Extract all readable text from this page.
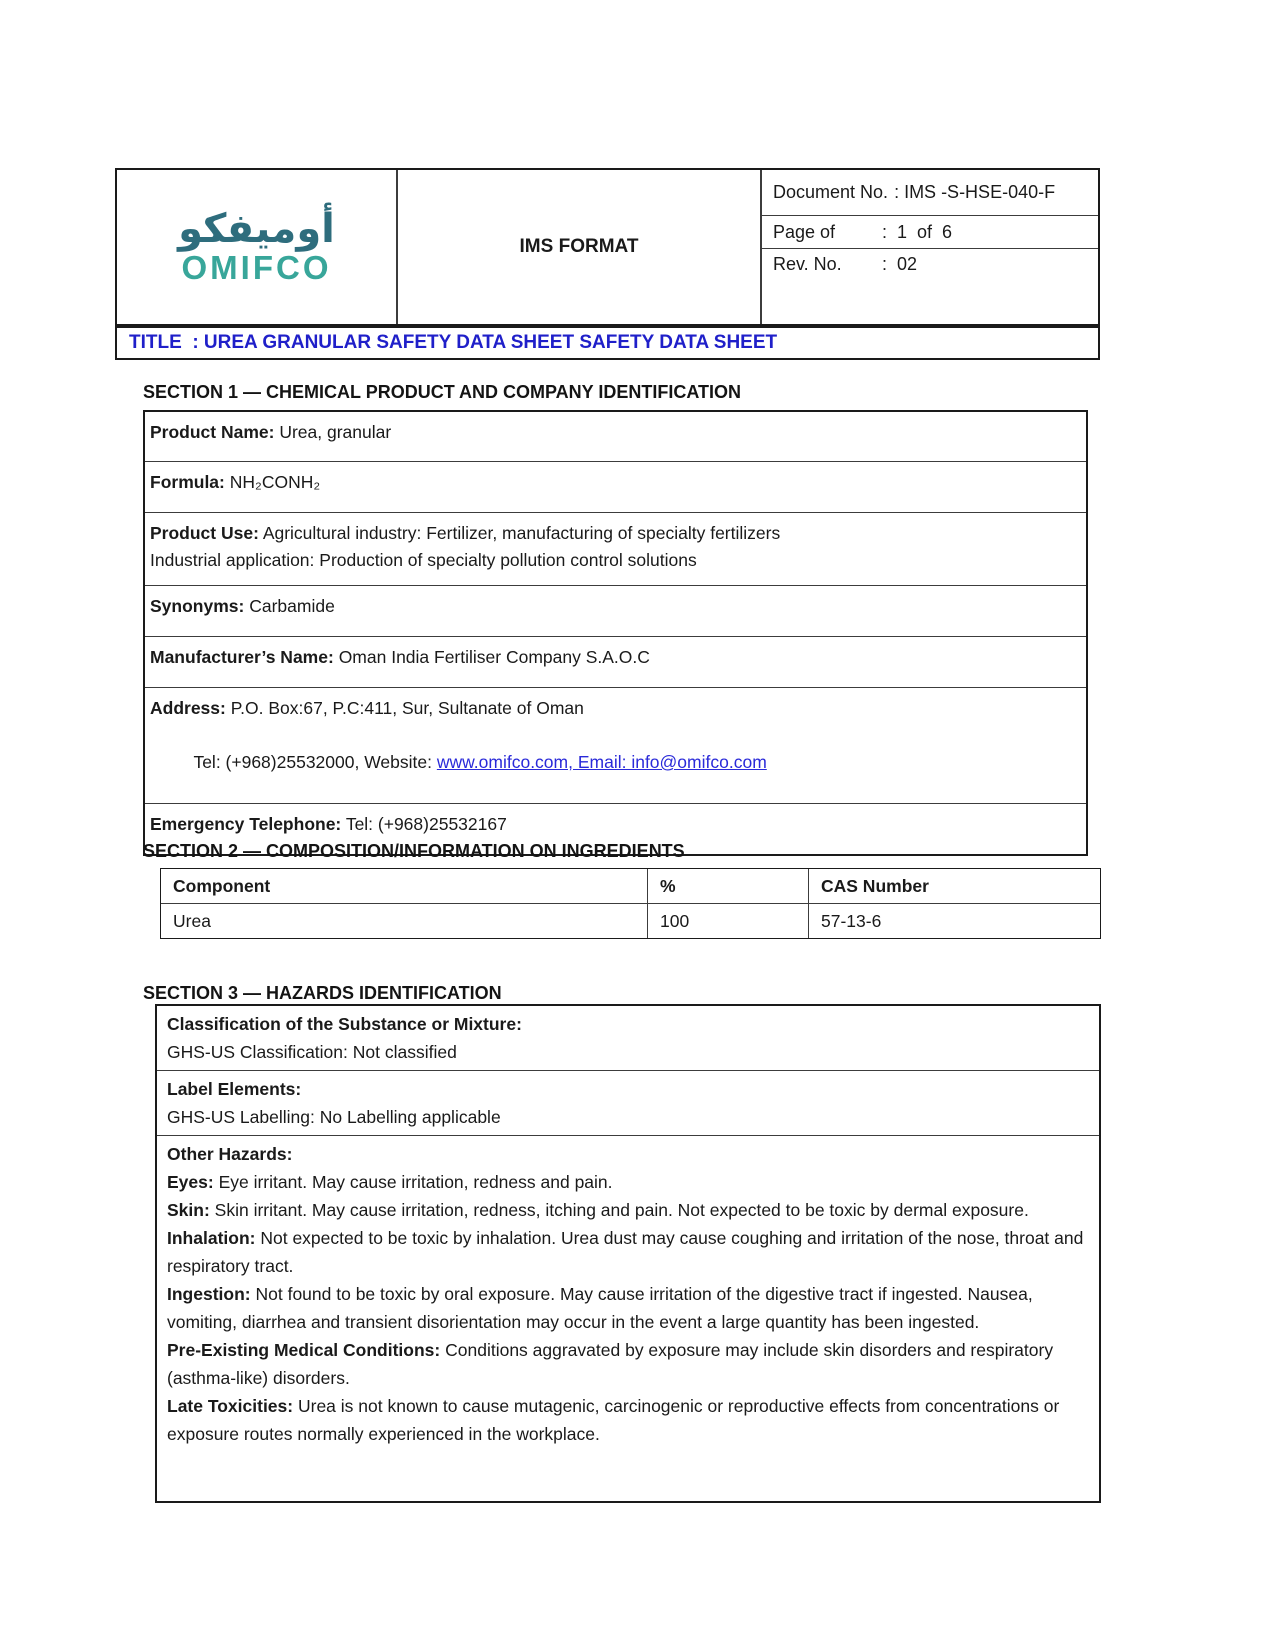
أوميفكو
OMIFCO
IMS FORMAT
Document No. : IMS -S-HSE-040-F
Page of	:  1  of  6
Rev. No.	:  02
TITLE  : UREA GRANULAR SAFETY DATA SHEET SAFETY DATA SHEET
SECTION 1 — CHEMICAL PRODUCT AND COMPANY IDENTIFICATION
Product Name: Urea, granular
Formula: NH₂CONH₂
Product Use: Agricultural industry: Fertilizer, manufacturing of specialty fertilizers
Industrial application: Production of specialty pollution control solutions
Synonyms: Carbamide
Manufacturer’s Name: Oman India Fertiliser Company S.A.O.C
Address: P.O. Box:67, P.C:411, Sur, Sultanate of Oman

Tel: (+968)25532000, Website: www.omifco.com, Email: info@omifco.com

Emergency Telephone: Tel: (+968)25532167
SECTION 2 — COMPOSITION/INFORMATION ON INGREDIENTS
Component	%	CAS Number
Urea	100	57-13-6
SECTION 3 — HAZARDS IDENTIFICATION

Classification of the Substance or Mixture:

GHS-US Classification: Not classified

Label Elements:

GHS-US Labelling: No Labelling applicable

Other Hazards:

Eyes: Eye irritant. May cause irritation, redness and pain.

Skin: Skin irritant. May cause irritation, redness, itching and pain. Not expected to be toxic by dermal exposure.

Inhalation: Not expected to be toxic by inhalation. Urea dust may cause coughing and irritation of the nose, throat and respiratory tract.

Ingestion: Not found to be toxic by oral exposure. May cause irritation of the digestive tract if ingested. Nausea, vomiting, diarrhea and transient disorientation may occur in the event a large quantity has been ingested.

Pre-Existing Medical Conditions: Conditions aggravated by exposure may include skin disorders and respiratory (asthma-like) disorders.

Late Toxicities: Urea is not known to cause mutagenic, carcinogenic or reproductive effects from concentrations or exposure routes normally experienced in the workplace.
